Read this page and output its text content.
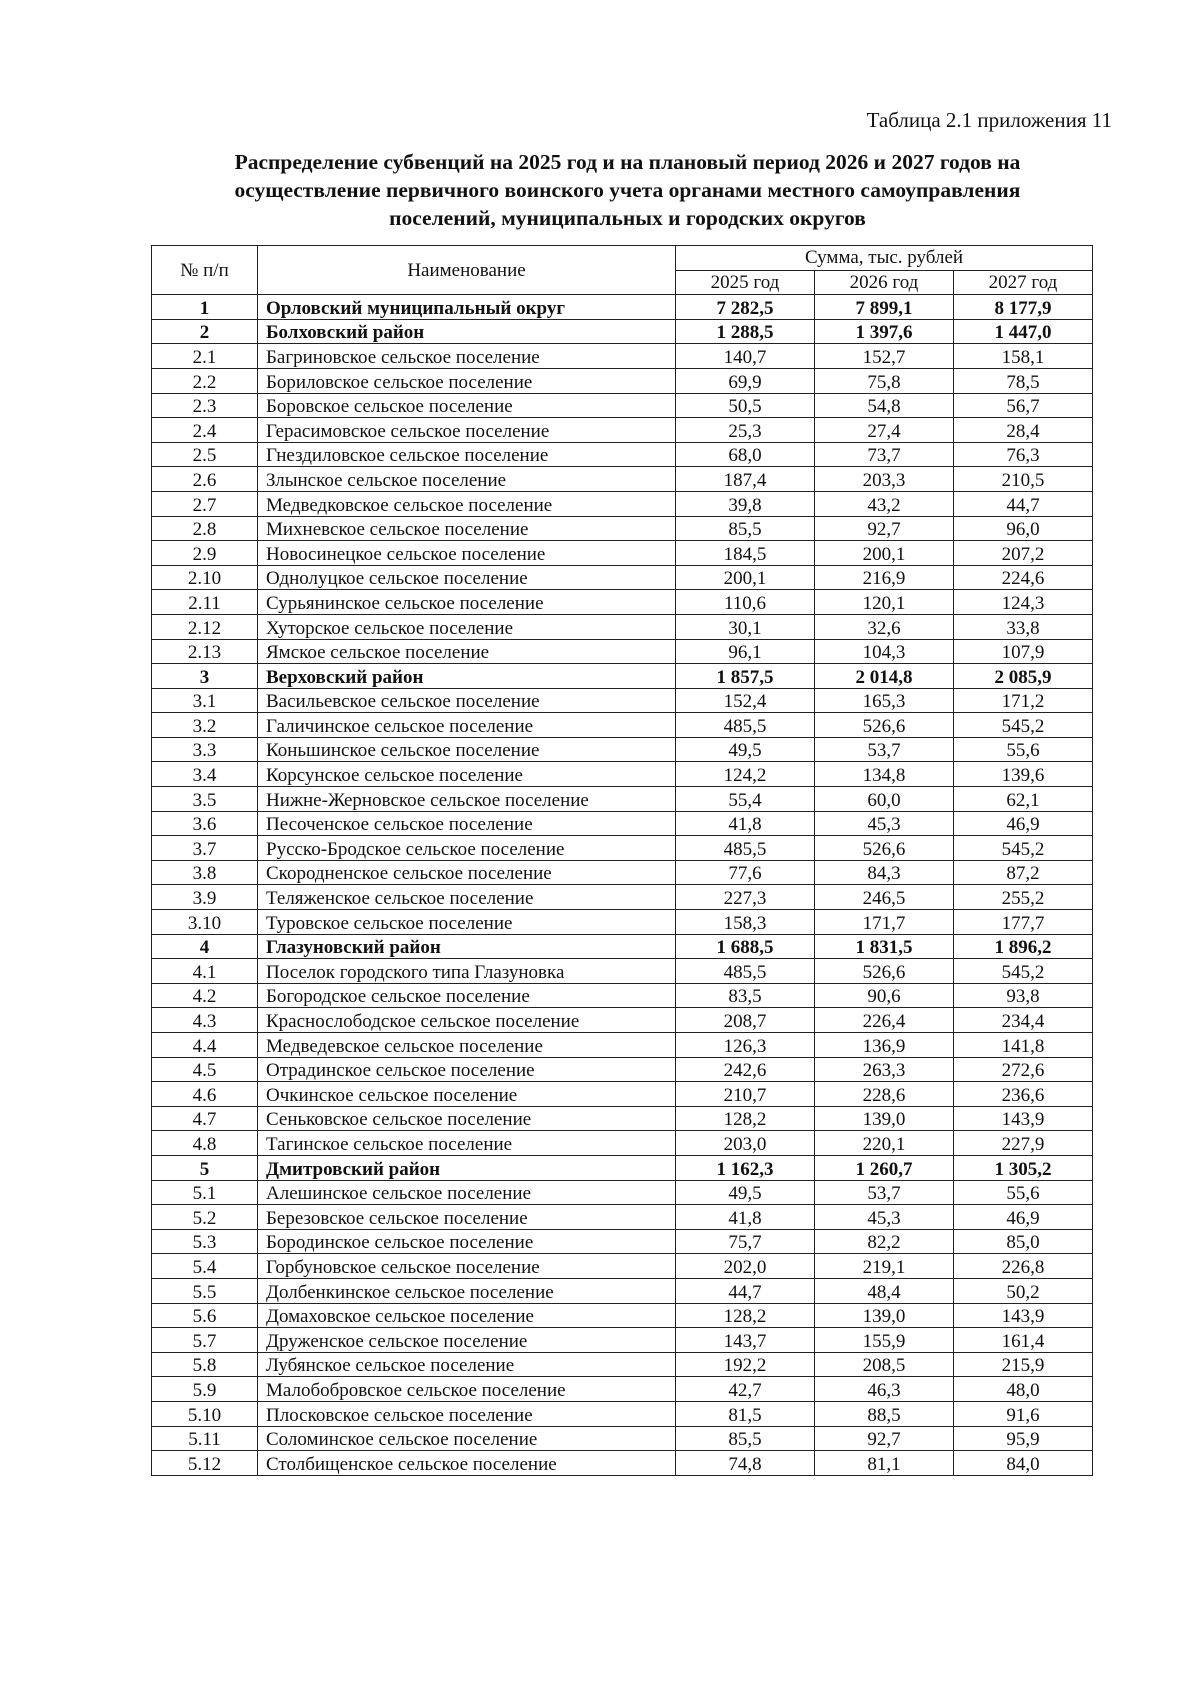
Таблица 2.1 приложения 11
Распределение субвенций на 2025 год и на плановый период 2026 и 2027 годов на
осуществление первичного воинского учета органами местного самоуправления
поселений, муниципальных и городских округов
№ п/п	Наименование	Сумма, тыс. рублей		
		2025 год	2026 год	2027 год
1	Орловский муниципальный округ	7 282,5	7 899,1	8 177,9
2	Болховский район	1 288,5	1 397,6	1 447,0
2.1	Багриновское сельское поселение	140,7	152,7	158,1
2.2	Бориловское сельское поселение	69,9	75,8	78,5
2.3	Боровское сельское поселение	50,5	54,8	56,7
2.4	Герасимовское сельское поселение	25,3	27,4	28,4
2.5	Гнездиловское сельское поселение	68,0	73,7	76,3
2.6	Злынское сельское поселение	187,4	203,3	210,5
2.7	Медведковское сельское поселение	39,8	43,2	44,7
2.8	Михневское сельское поселение	85,5	92,7	96,0
2.9	Новосинецкое сельское поселение	184,5	200,1	207,2
2.10	Однолуцкое сельское поселение	200,1	216,9	224,6
2.11	Сурьянинское сельское поселение	110,6	120,1	124,3
2.12	Хуторское сельское поселение	30,1	32,6	33,8
2.13	Ямское сельское поселение	96,1	104,3	107,9
3	Верховский район	1 857,5	2 014,8	2 085,9
3.1	Васильевское сельское поселение	152,4	165,3	171,2
3.2	Галичинское сельское поселение	485,5	526,6	545,2
3.3	Коньшинское сельское поселение	49,5	53,7	55,6
3.4	Корсунское сельское поселение	124,2	134,8	139,6
3.5	Нижне-Жерновское сельское поселение	55,4	60,0	62,1
3.6	Песоченское сельское поселение	41,8	45,3	46,9
3.7	Русско-Бродское сельское поселение	485,5	526,6	545,2
3.8	Скородненское сельское поселение	77,6	84,3	87,2
3.9	Теляженское сельское поселение	227,3	246,5	255,2
3.10	Туровское сельское поселение	158,3	171,7	177,7
4	Глазуновский район	1 688,5	1 831,5	1 896,2
4.1	Поселок городского типа Глазуновка	485,5	526,6	545,2
4.2	Богородское сельское поселение	83,5	90,6	93,8
4.3	Краснослободское сельское поселение	208,7	226,4	234,4
4.4	Медведевское сельское поселение	126,3	136,9	141,8
4.5	Отрадинское сельское поселение	242,6	263,3	272,6
4.6	Очкинское сельское поселение	210,7	228,6	236,6
4.7	Сеньковское сельское поселение	128,2	139,0	143,9
4.8	Тагинское сельское поселение	203,0	220,1	227,9
5	Дмитровский район	1 162,3	1 260,7	1 305,2
5.1	Алешинское сельское поселение	49,5	53,7	55,6
5.2	Березовское сельское поселение	41,8	45,3	46,9
5.3	Бородинское сельское поселение	75,7	82,2	85,0
5.4	Горбуновское сельское поселение	202,0	219,1	226,8
5.5	Долбенкинское сельское поселение	44,7	48,4	50,2
5.6	Домаховское сельское поселение	128,2	139,0	143,9
5.7	Друженское сельское поселение	143,7	155,9	161,4
5.8	Лубянское сельское поселение	192,2	208,5	215,9
5.9	Малобобровское сельское поселение	42,7	46,3	48,0
5.10	Плосковское сельское поселение	81,5	88,5	91,6
5.11	Соломинское сельское поселение	85,5	92,7	95,9
5.12	Столбищенское сельское поселение	74,8	81,1	84,0
